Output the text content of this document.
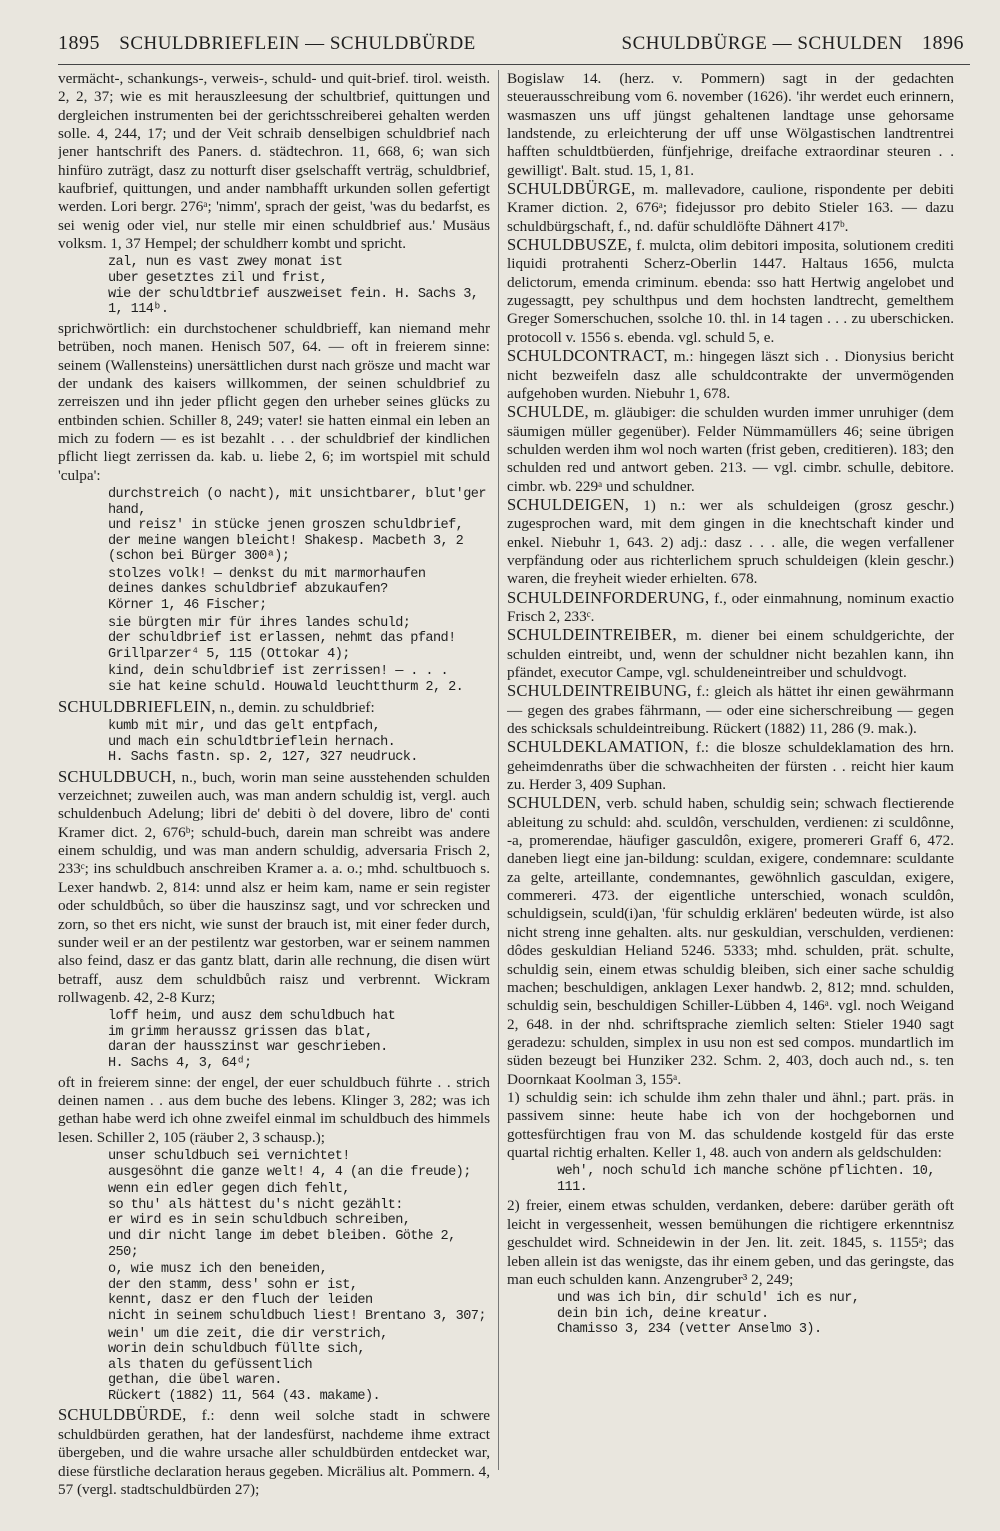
1895 SCHULDBRIEFLEIN — SCHULDBÜRDE	SCHULDBÜRGE — SCHULDEN 1896

vermächt-, schankungs-, verweis-, schuld- und quit-brief. tirol. weisth. 2, 2, 37; wie es mit herauszleesung der schultbrief, quittungen und dergleichen instrumenten bei der gerichtsschreiberei gehalten werden solle. 4, 244, 17; und der Veit schraib denselbigen schuldbrief nach jener hantschrift des Paners. d. städtechron. 11, 668, 6; wan sich hinfüro zuträgt, dasz zu notturft diser gselschafft verträg, schuldbrief, kaufbrief, quittungen, und ander nambhafft urkunden sollen gefertigt werden. Lori bergr. 276ᵃ; 'nimm', sprach der geist, 'was du bedarfst, es sei wenig oder viel, nur stelle mir einen schuldbrief aus.' Musäus volksm. 1, 37 Hempel; der schuldherr kombt und spricht.

zal, nun es vast zwey monat ist
uber gesetztes zil und frist,
wie der schuldtbrief auszweiset fein. H. Sachs 3, 1, 114ᵇ.

sprichwörtlich: ein durchstochener schuldbrieff, kan niemand mehr betrüben, noch manen. Henisch 507, 64. — oft in freierem sinne: seinem (Wallensteins) unersättlichen durst nach grösze und macht war der undank des kaisers willkommen, der seinen schuldbrief zu zerreiszen und ihn jeder pflicht gegen den urheber seines glücks zu entbinden schien. Schiller 8, 249; vater! sie hatten einmal ein leben an mich zu fodern — es ist bezahlt . . . der schuldbrief der kindlichen pflicht liegt zerrissen da. kab. u. liebe 2, 6; im wortspiel mit schuld 'culpa':

durchstreich (o nacht), mit unsichtbarer, blut'ger hand,
und reisz' in stücke jenen groszen schuldbrief,
der meine wangen bleicht! Shakesp. Macbeth 3, 2 (schon bei Bürger 300ᵃ);
stolzes volk! — denkst du mit marmorhaufen
deines dankes schuldbrief abzukaufen?
Körner 1, 46 Fischer;
sie bürgten mir für ihres landes schuld;
der schuldbrief ist erlassen, nehmt das pfand!
Grillparzer⁴ 5, 115 (Ottokar 4);
kind, dein schuldbrief ist zerrissen! — . . .
sie hat keine schuld. Houwald leuchtthurm 2, 2.

SCHULDBRIEFLEIN, n., demin. zu schuldbrief:

kumb mit mir, und das gelt entpfach,
und mach ein schuldtbrieflein hernach.
H. Sachs fastn. sp. 2, 127, 327 neudruck.

SCHULDBUCH, n., buch, worin man seine ausstehenden schulden verzeichnet; zuweilen auch, was man andern schuldig ist, vergl. auch schuldenbuch Adelung; libri de' debiti ò del dovere, libro de' conti Kramer dict. 2, 676ᵇ; schuld-buch, darein man schreibt was andere einem schuldig, und was man andern schuldig, adversaria Frisch 2, 233ᶜ; ins schuldbuch anschreiben Kramer a. a. o.; mhd. schultbuoch s. Lexer handwb. 2, 814: unnd alsz er heim kam, name er sein register oder schuldbůch, so über die hauszinsz sagt, und vor schrecken und zorn, so thet ers nicht, wie sunst der brauch ist, mit einer feder durch, sunder weil er an der pestilentz war gestorben, war er seinem nammen also feind, dasz er das gantz blatt, darin alle rechnung, die disen würt betraff, ausz dem schuldbůch raisz und verbrennt. Wickram rollwagenb. 42, 2-8 Kurz;

loff heim, und ausz dem schuldbuch hat
im grimm heraussz grissen das blat,
daran der hausszinst war geschrieben.
H. Sachs 4, 3, 64ᵈ;

oft in freierem sinne: der engel, der euer schuldbuch führte . . strich deinen namen . . aus dem buche des lebens. Klinger 3, 282; was ich gethan habe werd ich ohne zweifel einmal im schuldbuch des himmels lesen. Schiller 2, 105 (räuber 2, 3 schausp.);

unser schuldbuch sei vernichtet!
ausgesöhnt die ganze welt! 4, 4 (an die freude);
wenn ein edler gegen dich fehlt,
so thu' als hättest du's nicht gezählt:
er wird es in sein schuldbuch schreiben,
und dir nicht lange im debet bleiben. Göthe 2, 250;
o, wie musz ich den beneiden,
der den stamm, dess' sohn er ist,
kennt, dasz er den fluch der leiden
nicht in seinem schuldbuch liest! Brentano 3, 307;
wein' um die zeit, die dir verstrich,
worin dein schuldbuch füllte sich,
als thaten du gefüssentlich
gethan, die übel waren.
Rückert (1882) 11, 564 (43. makame).

SCHULDBÜRDE, f.: denn weil solche stadt in schwere schuldbürden gerathen, hat der landesfürst, nachdeme ihme extract übergeben, und die wahre ursache aller schuldbürden entdecket war, diese fürstliche declaration heraus gegeben. Micrälius alt. Pommern. 4, 57 (vergl. stadtschuldbürden 27);

Bogislaw 14. (herz. v. Pommern) sagt in der gedachten steuerausschreibung vom 6. november (1626). 'ihr werdet euch erinnern, wasmaszen uns uff jüngst gehaltenen landtage unse gehorsame landstende, zu erleichterung der uff unse Wölgastischen landtrentrei hafften schuldtbüerden, fünfjehrige, dreifache extraordinar steuren . . gewilligt'. Balt. stud. 15, 1, 81.

SCHULDBÜRGE, m. mallevadore, caulione, rispondente per debiti Kramer diction. 2, 676ᵃ; fidejussor pro debito Stieler 163. — dazu schuldbürgschaft, f., nd. dafür schuldlöfte Dähnert 417ᵇ.

SCHULDBUSZE, f. mulcta, olim debitori imposita, solutionem crediti liquidi protrahenti Scherz-Oberlin 1447. Haltaus 1656, mulcta delictorum, emenda criminum. ebenda: sso hatt Hertwig angelobet und zugessagtt, pey schulthpus und dem hochsten landtrecht, gemelthem Greger Somerschuchen, ssolche 10. thl. in 14 tagen . . . zu uberschicken. protocoll v. 1556 s. ebenda. vgl. schuld 5, e.

SCHULDCONTRACT, m.: hingegen läszt sich . . Dionysius bericht nicht bezweifeln dasz alle schuldcontrakte der unvermögenden aufgehoben wurden. Niebuhr 1, 678.

SCHULDE, m. gläubiger: die schulden wurden immer unruhiger (dem säumigen müller gegenüber). Felder Nümmamüllers 46; seine übrigen schulden werden ihm wol noch warten (frist geben, creditieren). 183; den schulden red und antwort geben. 213. — vgl. cimbr. schulle, debitore. cimbr. wb. 229ᵃ und schuldner.

SCHULDEIGEN, 1) n.: wer als schuldeigen (grosz geschr.) zugesprochen ward, mit dem gingen in die knechtschaft kinder und enkel. Niebuhr 1, 643. 2) adj.: dasz . . . alle, die wegen verfallener verpfändung oder aus richterlichem spruch schuldeigen (klein geschr.) waren, die freyheit wieder erhielten. 678.

SCHULDEINFORDERUNG, f., oder einmahnung, nominum exactio Frisch 2, 233ᶜ.

SCHULDEINTREIBER, m. diener bei einem schuldgerichte, der schulden eintreibt, und, wenn der schuldner nicht bezahlen kann, ihn pfändet, executor Campe, vgl. schuldeneintreiber und schuldvogt.

SCHULDEINTREIBUNG, f.: gleich als hättet ihr einen gewährmann — gegen des grabes fährmann, — oder eine sicherschreibung — gegen des schicksals schuldeintreibung. Rückert (1882) 11, 286 (9. mak.).

SCHULDEKLAMATION, f.: die blosze schuldeklamation des hrn. geheimdenraths über die schwachheiten der fürsten . . reicht hier kaum zu. Herder 3, 409 Suphan.

SCHULDEN, verb. schuld haben, schuldig sein; schwach flectierende ableitung zu schuld: ahd. sculdôn, verschulden, verdienen: zi sculdônne, -a, promerendae, häufiger gasculdôn, exigere, promereri Graff 6, 472. daneben liegt eine jan-bildung: sculdan, exigere, condemnare: sculdante za gelte, arteillante, condemnantes, gewöhnlich gasculdan, exigere, commereri. 473. der eigentliche unterschied, wonach sculdôn, schuldigsein, sculd(i)an, 'für schuldig erklären' bedeuten würde, ist also nicht streng inne gehalten. alts. nur geskuldian, verschulden, verdienen: dôdes geskuldian Heliand 5246. 5333; mhd. schulden, prät. schulte, schuldig sein, einem etwas schuldig bleiben, sich einer sache schuldig machen; beschuldigen, anklagen Lexer handwb. 2, 812; mnd. schulden, schuldig sein, beschuldigen Schiller-Lübben 4, 146ᵃ. vgl. noch Weigand 2, 648. in der nhd. schriftsprache ziemlich selten: Stieler 1940 sagt geradezu: schulden, simplex in usu non est sed compos. mundartlich im süden bezeugt bei Hunziker 232. Schm. 2, 403, doch auch nd., s. ten Doornkaat Koolman 3, 155ᵃ.

1) schuldig sein: ich schulde ihm zehn thaler und ähnl.; part. präs. in passivem sinne: heute habe ich von der hochgebornen und gottesfürchtigen frau von M. das schuldende kostgeld für das erste quartal richtig erhalten. Keller 1, 48. auch von andern als geldschulden:

weh', noch schuld ich manche schöne pflichten. 10, 111.

2) freier, einem etwas schulden, verdanken, debere: darüber geräth oft leicht in vergessenheit, wessen bemühungen die richtigere erkenntnisz geschuldet wird. Schneidewin in der Jen. lit. zeit. 1845, s. 1155ᵃ; das leben allein ist das wenigste, das ihr einem geben, und das geringste, das man euch schulden kann. Anzengruber³ 2, 249;

und was ich bin, dir schuld' ich es nur,
dein bin ich, deine kreatur.
Chamisso 3, 234 (vetter Anselmo 3).
